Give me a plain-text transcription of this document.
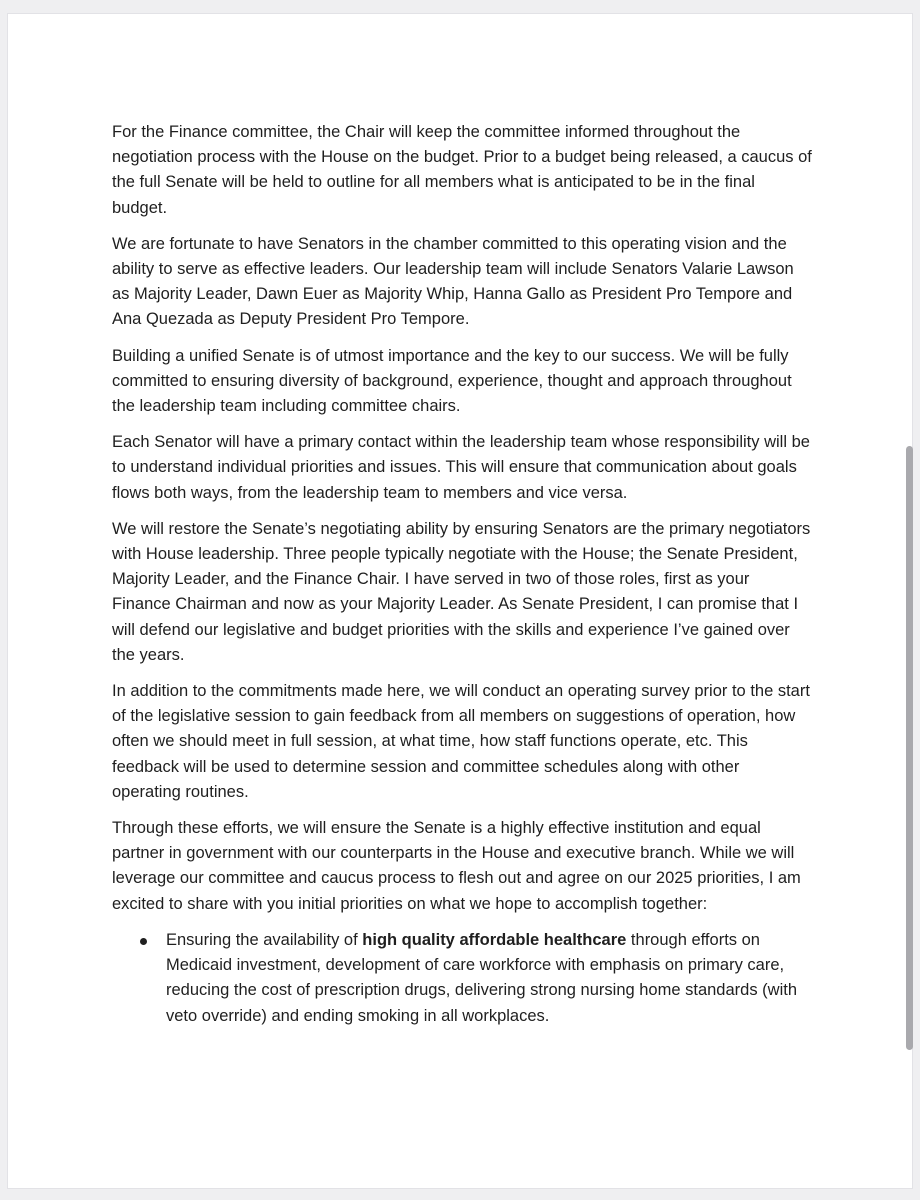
For the Finance committee, the Chair will keep the committee informed throughout the negotiation process with the House on the budget. Prior to a budget being released, a caucus of the full Senate will be held to outline for all members what is anticipated to be in the final budget.

We are fortunate to have Senators in the chamber committed to this operating vision and the ability to serve as effective leaders. Our leadership team will include Senators Valarie Lawson as Majority Leader, Dawn Euer as Majority Whip, Hanna Gallo as President Pro Tempore and Ana Quezada as Deputy President Pro Tempore.

Building a unified Senate is of utmost importance and the key to our success. We will be fully committed to ensuring diversity of background, experience, thought and approach throughout the leadership team including committee chairs.

Each Senator will have a primary contact within the leadership team whose responsibility will be to understand individual priorities and issues. This will ensure that communication about goals flows both ways, from the leadership team to members and vice versa.

We will restore the Senate’s negotiating ability by ensuring Senators are the primary negotiators with House leadership. Three people typically negotiate with the House; the Senate President, Majority Leader, and the Finance Chair. I have served in two of those roles, first as your Finance Chairman and now as your Majority Leader. As Senate President, I can promise that I will defend our legislative and budget priorities with the skills and experience I’ve gained over the years.

In addition to the commitments made here, we will conduct an operating survey prior to the start of the legislative session to gain feedback from all members on suggestions of operation, how often we should meet in full session, at what time, how staff functions operate, etc. This feedback will be used to determine session and committee schedules along with other operating routines.

Through these efforts, we will ensure the Senate is a highly effective institution and equal partner in government with our counterparts in the House and executive branch. While we will leverage our committee and caucus process to flesh out and agree on our 2025 priorities, I am excited to share with you initial priorities on what we hope to accomplish together:

Ensuring the availability of high quality affordable healthcare through efforts on Medicaid investment, development of care workforce with emphasis on primary care, reducing the cost of prescription drugs, delivering strong nursing home standards (with veto override) and ending smoking in all workplaces.
